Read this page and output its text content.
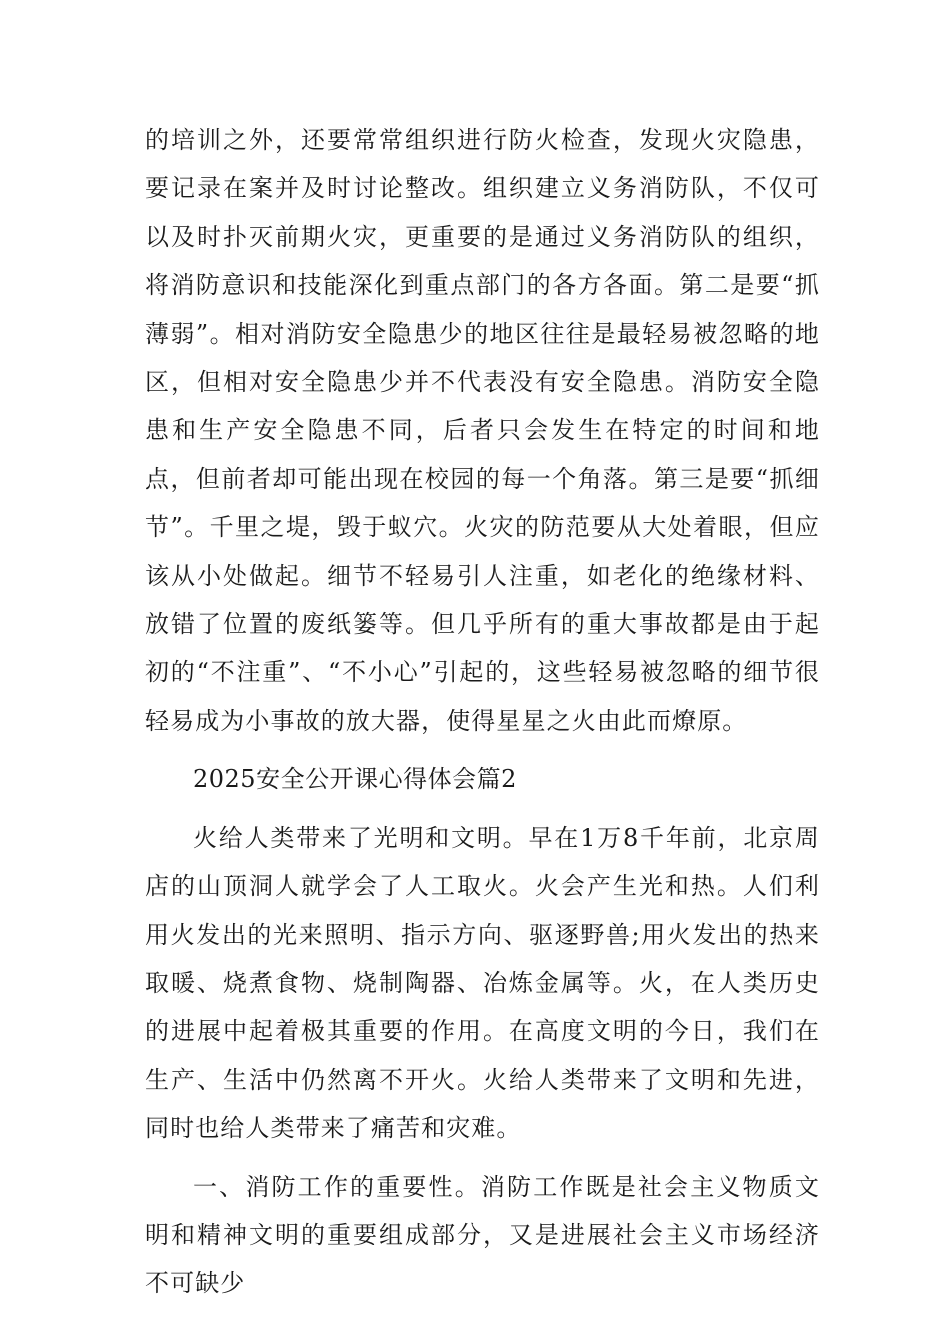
的培训之外，还要常常组织进行防火检查，发现火灾隐患，要记录在案并及时讨论整改。组织建立义务消防队，不仅可以及时扑灭前期火灾，更重要的是通过义务消防队的组织，将消防意识和技能深化到重点部门的各方各面。第二是要“抓薄弱”。相对消防安全隐患少的地区往往是最轻易被忽略的地区，但相对安全隐患少并不代表没有安全隐患。消防安全隐患和生产安全隐患不同，后者只会发生在特定的时间和地点，但前者却可能出现在校园的每一个角落。第三是要“抓细节”。千里之堤，毁于蚁穴。火灾的防范要从大处着眼，但应该从小处做起。细节不轻易引人注重，如老化的绝缘材料、放错了位置的废纸篓等。但几乎所有的重大事故都是由于起初的“不注重”、“不小心”引起的，这些轻易被忽略的细节很轻易成为小事故的放大器，使得星星之火由此而燎原。

2025安全公开课心得体会篇2

火给人类带来了光明和文明。早在1万8千年前，北京周店的山顶洞人就学会了人工取火。火会产生光和热。人们利用火发出的光来照明、指示方向、驱逐野兽;用火发出的热来取暖、烧煮食物、烧制陶器、冶炼金属等。火，在人类历史的进展中起着极其重要的作用。在高度文明的今日，我们在生产、生活中仍然离不开火。火给人类带来了文明和先进，同时也给人类带来了痛苦和灾难。

一、消防工作的重要性。消防工作既是社会主义物质文明和精神文明的重要组成部分，又是进展社会主义市场经济不可缺少
